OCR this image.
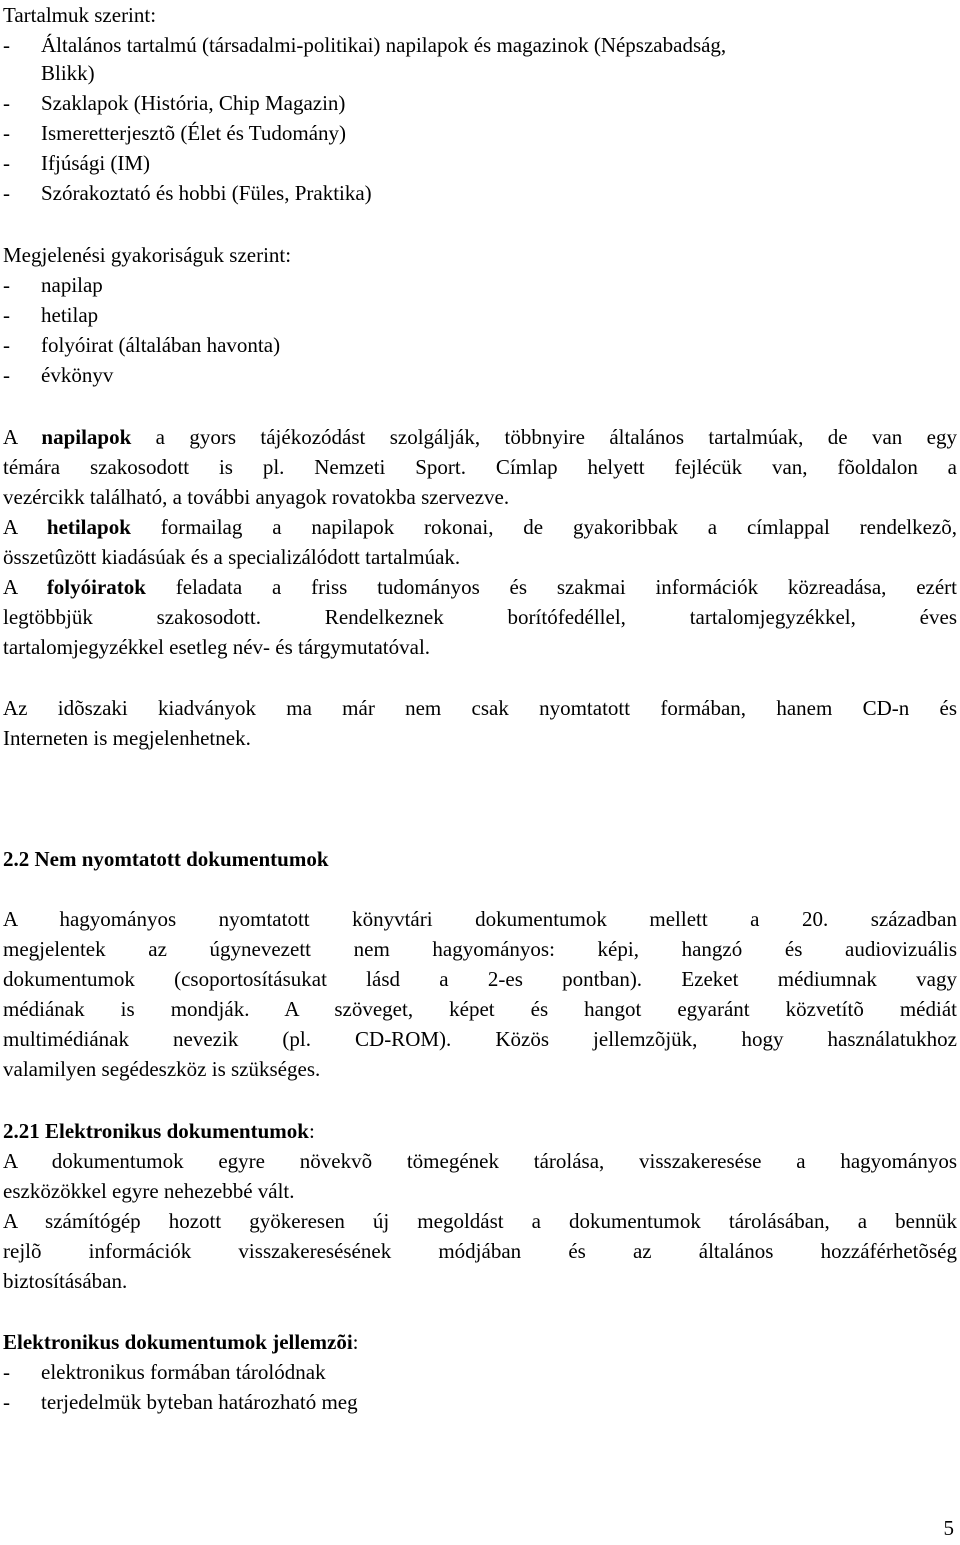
Tartalmuk szerint:
- Általános tartalmú (társadalmi-politikai) napilapok és magazinok (Népszabadság,
Blikk)
- Szaklapok (História, Chip Magazin)
- Ismeretterjesztõ (Élet és Tudomány)
- Ifjúsági (IM)
- Szórakoztató és hobbi (Füles, Praktika)
Megjelenési gyakoriságuk szerint:
- napilap
- hetilap
- folyóirat (általában havonta)
- évkönyv
A napilapok a gyors tájékozódást szolgálják, többnyire általános tartalmúak, de van egy
témára szakosodott is pl. Nemzeti Sport. Címlap helyett fejlécük van, fõoldalon a
vezércikk található, a további anyagok rovatokba szervezve.
A hetilapok formailag a napilapok rokonai, de gyakoribbak a címlappal rendelkezõ,
összetûzött kiadásúak és a specializálódott tartalmúak.
A folyóiratok feladata a friss tudományos és szakmai információk közreadása, ezért
legtöbbjük szakosodott. Rendelkeznek borítófedéllel, tartalomjegyzékkel, éves
tartalomjegyzékkel esetleg név- és tárgymutatóval.
Az idõszaki kiadványok ma már nem csak nyomtatott formában, hanem CD-n és
Interneten is megjelenhetnek.
2.2 Nem nyomtatott dokumentumok
A hagyományos nyomtatott könyvtári dokumentumok mellett a 20. században
megjelentek az úgynevezett nem hagyományos: képi, hangzó és audiovizuális
dokumentumok (csoportosításukat lásd a 2-es pontban). Ezeket médiumnak vagy
médiának is mondják. A szöveget, képet és hangot egyaránt közvetítõ médiát
multimédiának nevezik (pl. CD-ROM). Közös jellemzõjük, hogy használatukhoz
valamilyen segédeszköz is szükséges.
2.21 Elektronikus dokumentumok:
A dokumentumok egyre növekvõ tömegének tárolása, visszakeresése a hagyományos
eszközökkel egyre nehezebbé vált.
A számítógép hozott gyökeresen új megoldást a dokumentumok tárolásában, a bennük
rejlõ információk visszakeresésének módjában és az általános hozzáférhetõség
biztosításában.
Elektronikus dokumentumok jellemzõi:
- elektronikus formában tárolódnak
- terjedelmük byteban határozható meg
5
